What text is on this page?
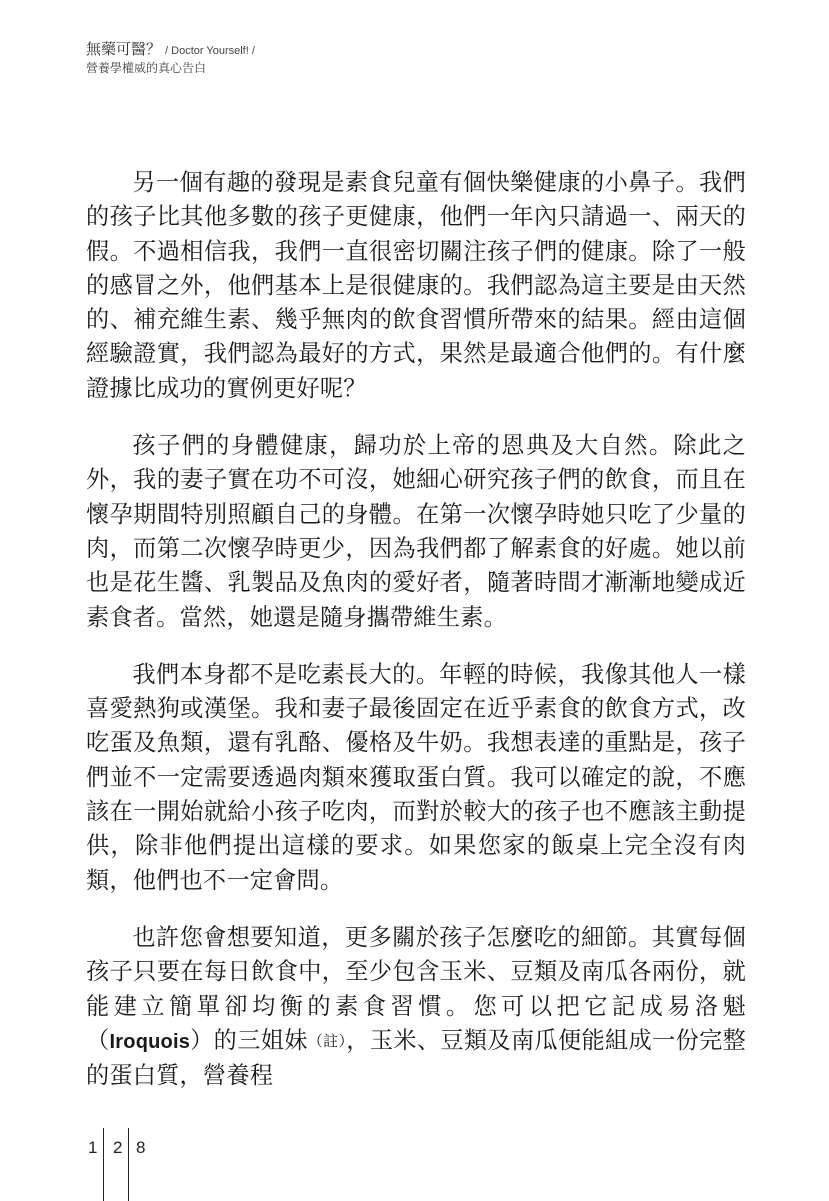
無藥可醫？ / Doctor Yourself! /
營養學權威的真心告白

另一個有趣的發現是素食兒童有個快樂健康的小鼻子。我們的孩子比其他多數的孩子更健康，他們一年內只請過一、兩天的假。不過相信我，我們一直很密切關注孩子們的健康。除了一般的感冒之外，他們基本上是很健康的。我們認為這主要是由天然的、補充維生素、幾乎無肉的飲食習慣所帶來的結果。經由這個經驗證實，我們認為最好的方式，果然是最適合他們的。有什麼證據比成功的實例更好呢？

孩子們的身體健康，歸功於上帝的恩典及大自然。除此之外，我的妻子實在功不可沒，她細心研究孩子們的飲食，而且在懷孕期間特別照顧自己的身體。在第一次懷孕時她只吃了少量的肉，而第二次懷孕時更少，因為我們都了解素食的好處。她以前也是花生醬、乳製品及魚肉的愛好者，隨著時間才漸漸地變成近素食者。當然，她還是隨身攜帶維生素。

我們本身都不是吃素長大的。年輕的時候，我像其他人一樣喜愛熱狗或漢堡。我和妻子最後固定在近乎素食的飲食方式，改吃蛋及魚類，還有乳酪、優格及牛奶。我想表達的重點是，孩子們並不一定需要透過肉類來獲取蛋白質。我可以確定的說，不應該在一開始就給小孩子吃肉，而對於較大的孩子也不應該主動提供，除非他們提出這樣的要求。如果您家的飯桌上完全沒有肉類，他們也不一定會問。

也許您會想要知道，更多關於孩子怎麼吃的細節。其實每個孩子只要在每日飲食中，至少包含玉米、豆類及南瓜各兩份，就能建立簡單卻均衡的素食習慣。您可以把它記成易洛魁（Iroquois）的三姐妹（註），玉米、豆類及南瓜便能組成一份完整的蛋白質，營養程

1 2 8
